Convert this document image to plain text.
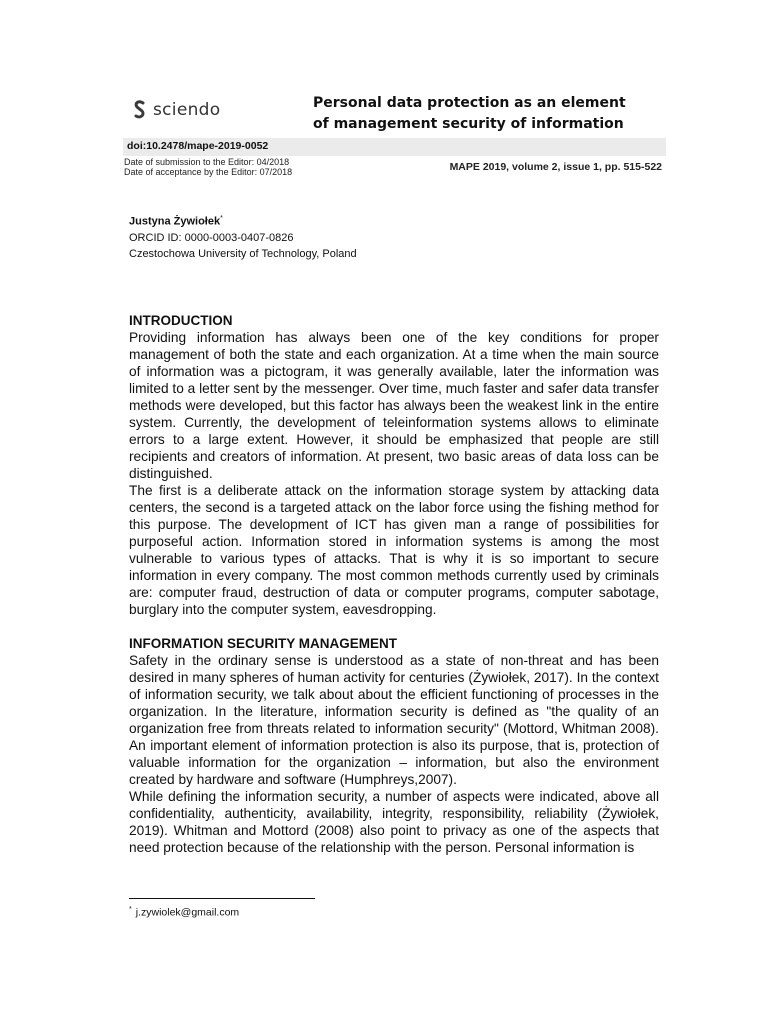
sciendo	Personal data protection as an element
of management security of information
doi:10.2478/mape-2019-0052
Date of submission to the Editor: 04/2018
Date of acceptance by the Editor: 07/2018	MAPE 2019, volume 2, issue 1, pp. 515-522
Justyna Żywiołek*
ORCID ID: 0000-0003-0407-0826
Czestochowa University of Technology, Poland
INTRODUCTION

Providing information has always been one of the key conditions for proper management of both the state and each organization. At a time when the main source of information was a pictogram, it was generally available, later the information was limited to a letter sent by the messenger. Over time, much faster and safer data transfer methods were developed, but this factor has always been the weakest link in the entire system. Currently, the development of teleinformation systems allows to eliminate errors to a large extent. However, it should be emphasized that people are still recipients and creators of information. At present, two basic areas of data loss can be distinguished.

The first is a deliberate attack on the information storage system by attacking data centers, the second is a targeted attack on the labor force using the fishing method for this purpose. The development of ICT has given man a range of possibilities for purposeful action. Information stored in information systems is among the most vulnerable to various types of attacks. That is why it is so important to secure information in every company. The most common methods currently used by criminals are: computer fraud, destruction of data or computer programs, computer sabotage, burglary into the computer system, eavesdropping.

INFORMATION SECURITY MANAGEMENT

Safety in the ordinary sense is understood as a state of non-threat and has been desired in many spheres of human activity for centuries (Żywiołek, 2017). In the context of information security, we talk about about the efficient functioning of processes in the organization. In the literature, information security is defined as "the quality of an organization free from threats related to information security" (Mottord, Whitman 2008). An important element of information protection is also its purpose, that is, protection of valuable information for the organization – information, but also the environment created by hardware and software (Humphreys,2007).

While defining the information security, a number of aspects were indicated, above all confidentiality, authenticity, availability, integrity, responsibility, reliability (Żywiołek, 2019). Whitman and Mottord (2008) also point to privacy as one of the aspects that need protection because of the relationship with the person. Personal information is

* j.zywiolek@gmail.com
